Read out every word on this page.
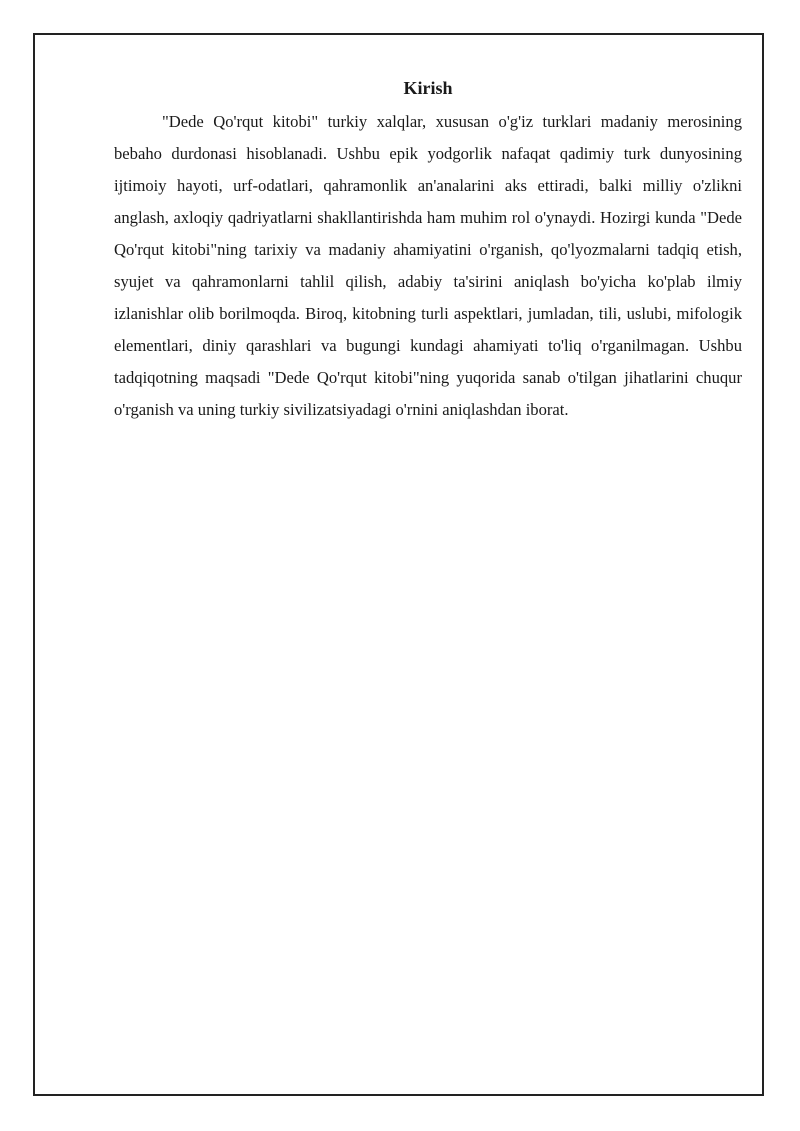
Kirish

"Dede Qo'rqut kitobi" turkiy xalqlar, xususan o'g'iz turklari madaniy merosining bebaho durdonasi hisoblanadi. Ushbu epik yodgorlik nafaqat qadimiy turk dunyosining ijtimoiy hayoti, urf-odatlari, qahramonlik an'analarini aks ettiradi, balki milliy o'zlikni anglash, axloqiy qadriyatlarni shakllantirishda ham muhim rol o'ynaydi. Hozirgi kunda "Dede Qo'rqut kitobi"ning tarixiy va madaniy ahamiyatini o'rganish, qo'lyozmalarni tadqiq etish, syujet va qahramonlarni tahlil qilish, adabiy ta'sirini aniqlash bo'yicha ko'plab ilmiy izlanishlar olib borilmoqda. Biroq, kitobning turli aspektlari, jumladan, tili, uslubi, mifologik elementlari, diniy qarashlari va bugungi kundagi ahamiyati to'liq o'rganilmagan. Ushbu tadqiqotning maqsadi "Dede Qo'rqut kitobi"ning yuqorida sanab o'tilgan jihatlarini chuqur o'rganish va uning turkiy sivilizatsiyadagi o'rnini aniqlashdan iborat.
